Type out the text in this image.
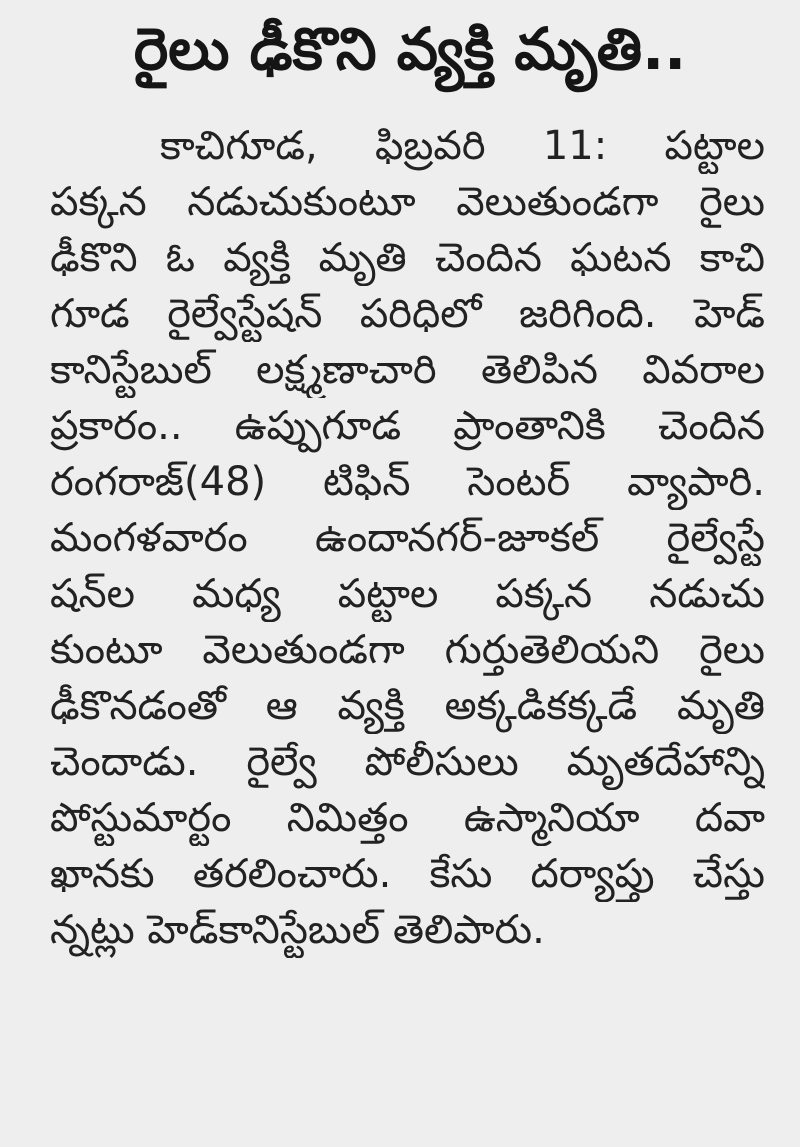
రైలు ఢీకొని వ్యక్తి మృతి..
కాచిగూడ, ఫిబ్రవరి 11: పట్టాల
పక్కన నడుచుకుంటూ వెలుతుండగా రైలు
ఢీకొని ఓ వ్యక్తి మృతి చెందిన ఘటన కాచి
గూడ రైల్వేస్టేషన్ పరిధిలో జరిగింది. హెడ్
కానిస్టేబుల్ లక్ష్మణాచారి తెలిపిన వివరాల
ప్రకారం.. ఉప్పుగూడ ప్రాంతానికి చెందిన
రంగరాజ్(48) టిఫిన్ సెంటర్ వ్యాపారి.
మంగళవారం ఉందానగర్-జూకల్ రైల్వేస్టే
షన్‌ల మధ్య పట్టాల పక్కన నడుచు
కుంటూ వెలుతుండగా గుర్తుతెలియని రైలు
ఢీకొనడంతో ఆ వ్యక్తి అక్కడికక్కడే మృతి
చెందాడు. రైల్వే పోలీసులు మృతదేహాన్ని
పోస్టుమార్టం నిమిత్తం ఉస్మానియా దవా
ఖానకు తరలించారు. కేసు దర్యాప్తు చేస్తు
న్నట్లు హెడ్‌కానిస్టేబుల్ తెలిపారు.
